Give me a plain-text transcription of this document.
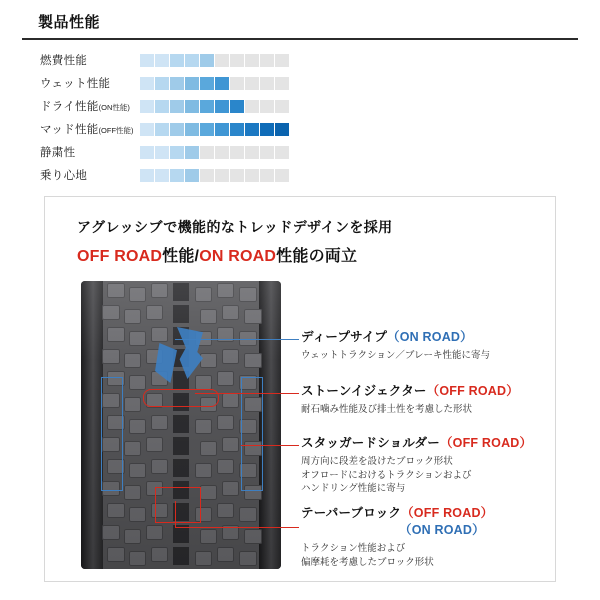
製品性能
燃費性能
ウェット性能
ドライ性能(ON性能)
マッド性能(OFF性能)
静粛性
乗り心地
アグレッシブで機能的なトレッドデザインを採用
OFF ROAD性能/ON ROAD性能の両立
ディープサイプ（ON ROAD）
ウェットトラクション／ブレーキ性能に寄与
ストーンイジェクター（OFF ROAD）
耐石噛み性能及び排土性を考慮した形状
スタッガードショルダー（OFF ROAD）
周方向に段差を設けたブロック形状
オフロードにおけるトラクションおよび
ハンドリング性能に寄与
テーパーブロック（OFF ROAD）
（ON ROAD）
トラクション性能および
偏摩耗を考慮したブロック形状
